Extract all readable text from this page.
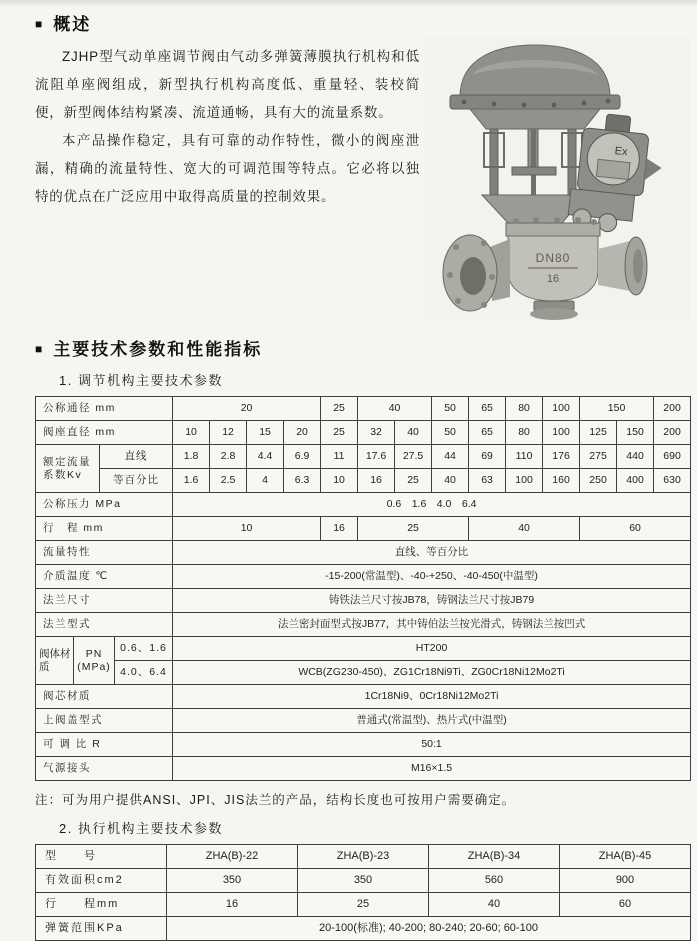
■ 概述
Ex
DN80
16

ZJHP型气动单座调节阀由气动多弹簧薄膜执行机构和低流阻单座阀组成，新型执行机构高度低、重量轻、装校简便，新型阀体结构紧凑、流道通畅，具有大的流量系数。

本产品操作稳定，具有可靠的动作特性，微小的阀座泄漏，精确的流量特性、宽大的可调范围等特点。它必将以独特的优点在广泛应用中取得高质量的控制效果。

■ 主要技术参数和性能指标
1. 调节机构主要技术参数
公称通径 mm				20				25	40		50	65	80	100	150		200
阀座直径 mm				10	12	15	20	25	32	40	50	65	80	100	125	150	200
额定流量系数Kv		直线		1.8	2.8	4.4	6.9	11	17.6	27.5	44	69	110	176	275	440	690
		等百分比		1.6	2.5	4	6.3	10	16	25	40	63	100	160	250	400	630
公称压力 MPa				0.6　1.6　4.0　6.4													
行　程 mm				10				16	25			40			60		
流量特性				直线、等百分比													
介质温度 ℃				-15-200(常温型)、-40-+250、-40-450(中温型)													
法兰尺寸				铸铁法兰尺寸按JB78，铸钢法兰尺寸按JB79													
法兰型式				法兰密封面型式按JB77，其中铸伯法兰按光滑式，铸钢法兰按凹式													
阀体材质	PN (MPa)		0.6、1.6	HT200													
			4.0、6.4	WCB(ZG230-450)、ZG1Cr18Ni9Ti、ZG0Cr18Ni12Mo2Ti													
阀芯材质				1Cr18Ni9、0Cr18Ni12Mo2Ti													
上阀盖型式				普通式(常温型)、热片式(中温型)													
可 调 比 R				50:1													
气源接头				M16×1.5													
注：可为用户提供ANSI、JPI、JIS法兰的产品，结构长度也可按用户需要确定。
2. 执行机构主要技术参数
型　　号	ZHA(B)-22	ZHA(B)-23	ZHA(B)-34	ZHA(B)-45
有效面积cm2	350	350	560	900
行　　程mm	16	25	40	60
弹簧范围KPa	20-100(标准); 40-200; 80-240; 20-60; 60-100			
